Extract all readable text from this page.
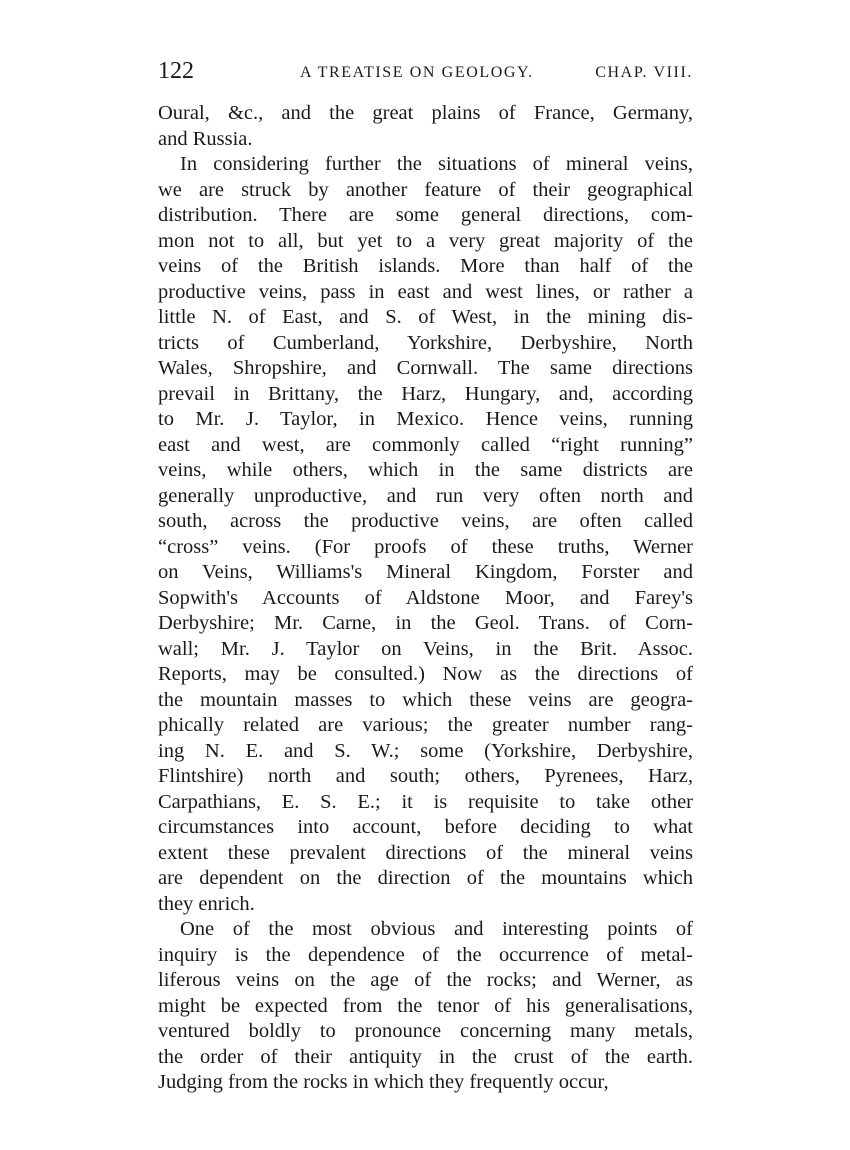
122	A TREATISE ON GEOLOGY.	CHAP. VIII.
Oural, &c., and the great plains of France, Germany,
and Russia.
In considering further the situations of mineral veins,
we are struck by another feature of their geographical
distribution. There are some general directions, com-
mon not to all, but yet to a very great majority of the
veins of the British islands. More than half of the
productive veins, pass in east and west lines, or rather a
little N. of East, and S. of West, in the mining dis-
tricts of Cumberland, Yorkshire, Derbyshire, North
Wales, Shropshire, and Cornwall. The same directions
prevail in Brittany, the Harz, Hungary, and, according
to Mr. J. Taylor, in Mexico. Hence veins, running
east and west, are commonly called “right running”
veins, while others, which in the same districts are
generally unproductive, and run very often north and
south, across the productive veins, are often called
“cross” veins. (For proofs of these truths, Werner
on Veins, Williams's Mineral Kingdom, Forster and
Sopwith's Accounts of Aldstone Moor, and Farey's
Derbyshire; Mr. Carne, in the Geol. Trans. of Corn-
wall; Mr. J. Taylor on Veins, in the Brit. Assoc.
Reports, may be consulted.) Now as the directions of
the mountain masses to which these veins are geogra-
phically related are various; the greater number rang-
ing N. E. and S. W.; some (Yorkshire, Derbyshire,
Flintshire) north and south; others, Pyrenees, Harz,
Carpathians, E. S. E.; it is requisite to take other
circumstances into account, before deciding to what
extent these prevalent directions of the mineral veins
are dependent on the direction of the mountains which
they enrich.
One of the most obvious and interesting points of
inquiry is the dependence of the occurrence of metal-
liferous veins on the age of the rocks; and Werner, as
might be expected from the tenor of his generalisations,
ventured boldly to pronounce concerning many metals,
the order of their antiquity in the crust of the earth.
Judging from the rocks in which they frequently occur,
